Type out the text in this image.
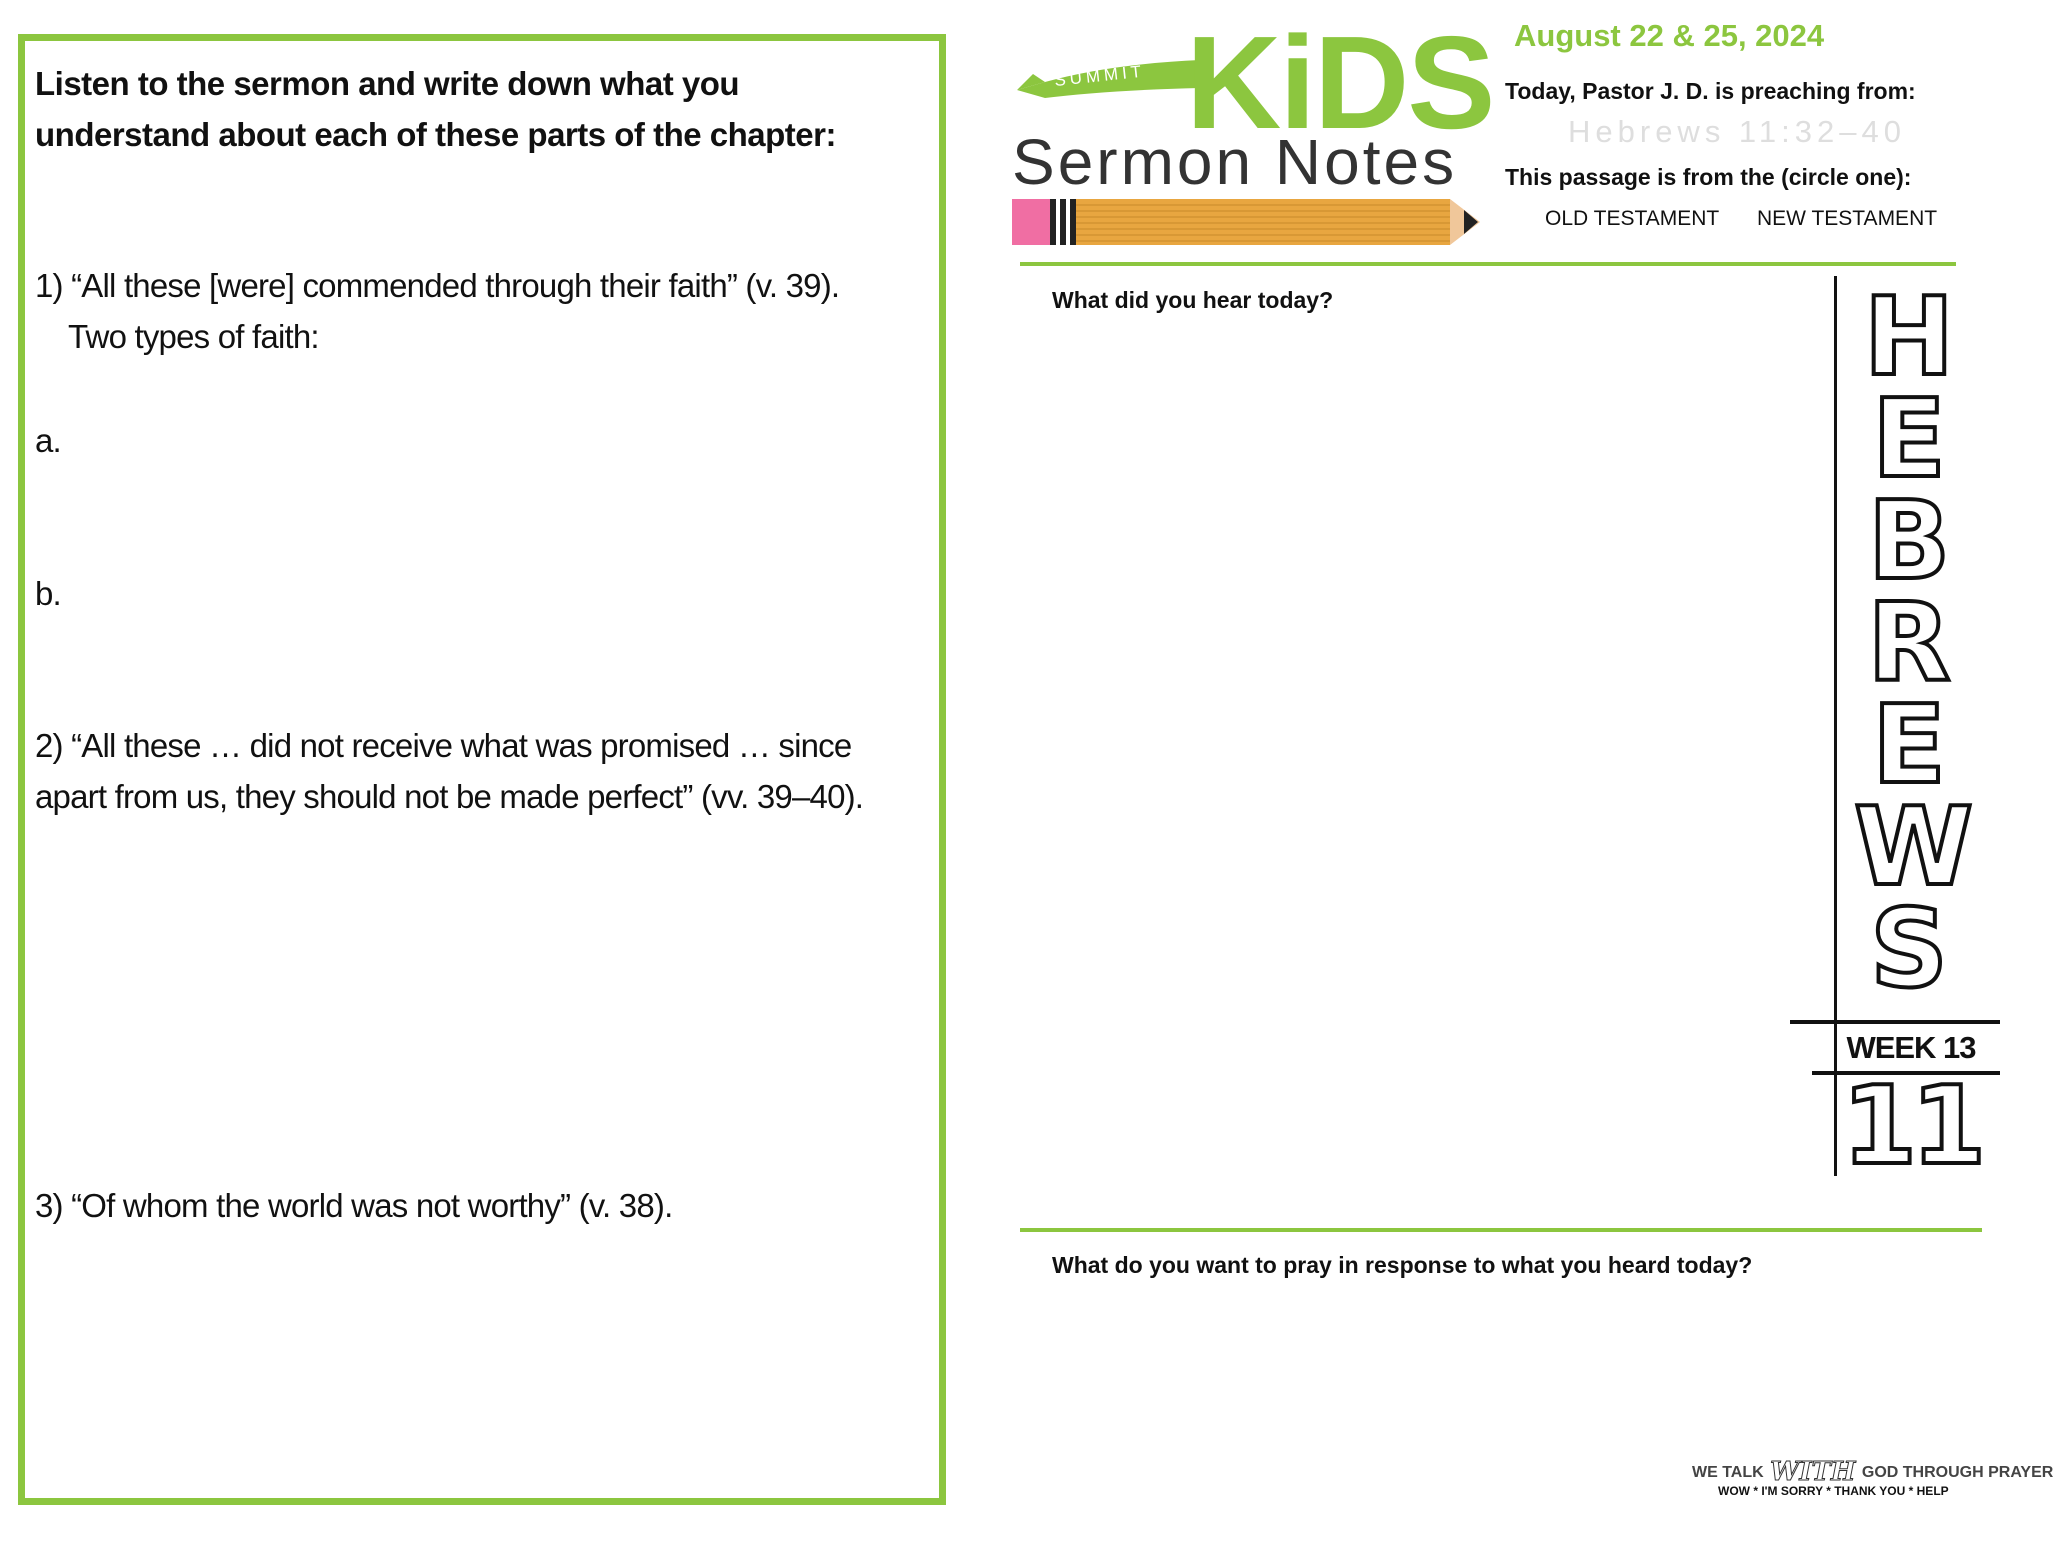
Listen to the sermon and write down what you understand about each of these parts of the chapter:
1) “All these [were] commended through their faith” (v. 39).
Two types of faith:
a.
b.
2) “All these … did not receive what was promised … since
apart from us, they should not be made perfect” (vv. 39–40).
3) “Of whom the world was not worthy” (v. 38).
SUMMIT KiDS
Sermon Notes
August 22 & 25, 2024
Today, Pastor J. D. is preaching from:
Hebrews 11:32–40
This passage is from the (circle one):
OLD TESTAMENT NEW TESTAMENT
What did you hear today?	H
E
B
R
E
W
S
WEEK 13
11
What do you want to pray in response to what you heard today?
WE TALK WITH GOD THROUGH PRAYER
WOW * I'M SORRY * THANK YOU * HELP
